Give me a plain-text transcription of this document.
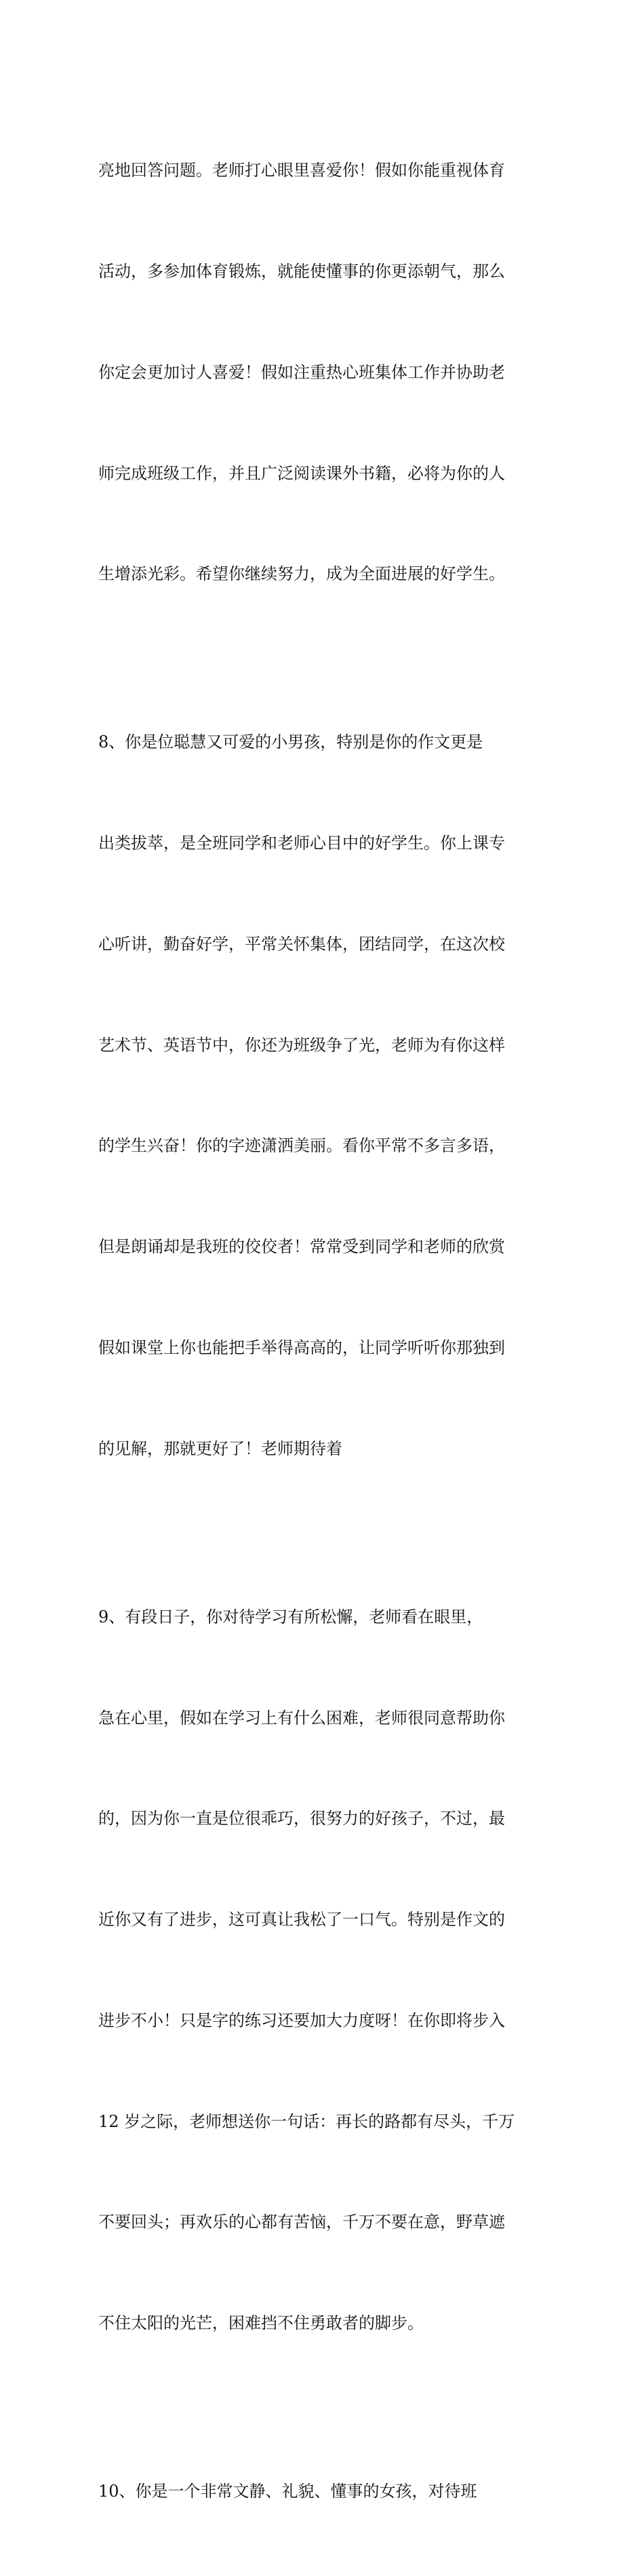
亮地回答问题。老师打心眼里喜爱你！假如你能重视体育

活动，多参加体育锻炼，就能使懂事的你更添朝气，那么

你定会更加讨人喜爱！假如注重热心班集体工作并协助老

师完成班级工作，并且广泛阅读课外书籍，必将为你的人

生增添光彩。希望你继续努力，成为全面进展的好学生。

8、你是位聪慧又可爱的小男孩，特别是你的作文更是

出类拔萃，是全班同学和老师心目中的好学生。你上课专

心听讲，勤奋好学，平常关怀集体，团结同学，在这次校

艺术节、英语节中，你还为班级争了光，老师为有你这样

的学生兴奋！你的字迹潇洒美丽。看你平常不多言多语，

但是朗诵却是我班的佼佼者！常常受到同学和老师的欣赏

假如课堂上你也能把手举得高高的，让同学听听你那独到

的见解，那就更好了！老师期待着

9、有段日子，你对待学习有所松懈，老师看在眼里，

急在心里，假如在学习上有什么困难，老师很同意帮助你

的，因为你一直是位很乖巧，很努力的好孩子，不过，最

近你又有了进步，这可真让我松了一口气。特别是作文的

进步不小！只是字的练习还要加大力度呀！在你即将步入

12 岁之际，老师想送你一句话：再长的路都有尽头，千万

不要回头；再欢乐的心都有苦恼，千万不要在意，野草遮

不住太阳的光芒，困难挡不住勇敢者的脚步。

10、你是一个非常文静、礼貌、懂事的女孩，对待班
